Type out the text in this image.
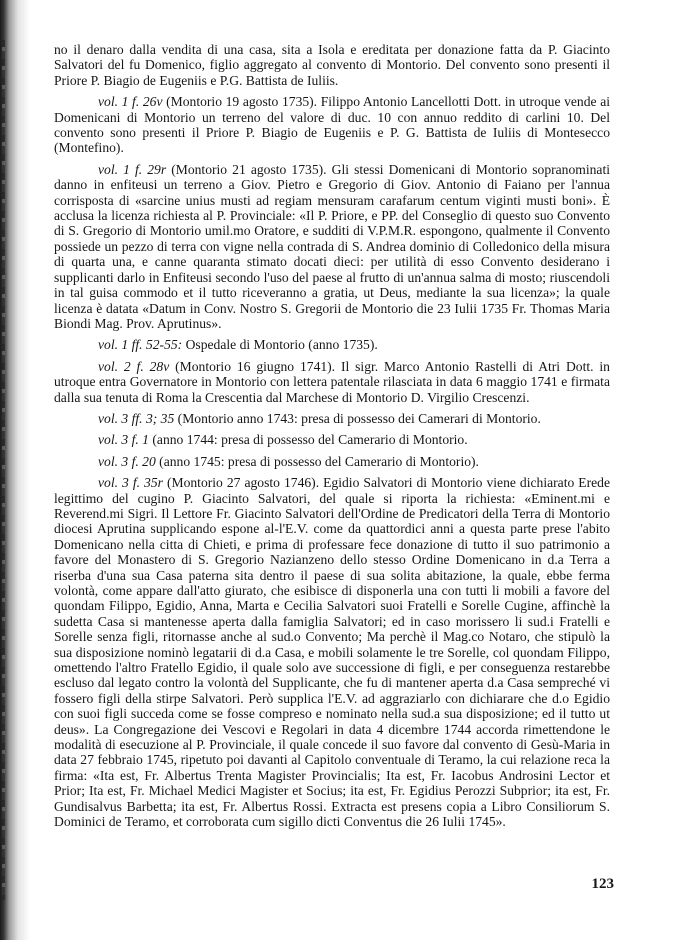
no il denaro dalla vendita di una casa, sita a Isola e ereditata per donazione fatta da P. Giacinto Salvatori del fu Domenico, figlio aggregato al convento di Montorio. Del convento sono presenti il Priore P. Biagio de Eugeniis e P.G. Battista de Iuliis.

vol. 1 f. 26v (Montorio 19 agosto 1735). Filippo Antonio Lancellotti Dott. in utroque vende ai Domenicani di Montorio un terreno del valore di duc. 10 con annuo reddito di carlini 10. Del convento sono presenti il Priore P. Biagio de Eugeniis e P. G. Battista de Iuliis di Montesecco (Montefino).

vol. 1 f. 29r (Montorio 21 agosto 1735). Gli stessi Domenicani di Montorio sopranominati danno in enfiteusi un terreno a Giov. Pietro e Gregorio di Giov. Antonio di Faiano per l'annua corrisposta di «sarcine unius musti ad regiam mensuram carafarum centum viginti musti boni». È acclusa la licenza richiesta al P. Provinciale: «Il P. Priore, e PP. del Conseglio di questo suo Convento di S. Gregorio di Montorio umil.mo Oratore, e sudditi di V.P.M.R. espongono, qualmente il Convento possiede un pezzo di terra con vigne nella contrada di S. Andrea dominio di Colledonico della misura di quarta una, e canne quaranta stimato docati dieci: per utilità di esso Convento desiderano i supplicanti darlo in Enfiteusi secondo l'uso del paese al frutto di un'annua salma di mosto; riuscendoli in tal guisa commodo et il tutto riceveranno a gratia, ut Deus, mediante la sua licenza»; la quale licenza è datata «Datum in Conv. Nostro S. Gregorii de Montorio die 23 Iulii 1735 Fr. Thomas Maria Biondi Mag. Prov. Aprutinus».

vol. 1 ff. 52-55: Ospedale di Montorio (anno 1735).

vol. 2 f. 28v (Montorio 16 giugno 1741). Il sigr. Marco Antonio Rastelli di Atri Dott. in utroque entra Governatore in Montorio con lettera patentale rilasciata in data 6 maggio 1741 e firmata dalla sua tenuta di Roma la Crescentia dal Marchese di Montorio D. Virgilio Crescenzi.

vol. 3 ff. 3; 35 (Montorio anno 1743: presa di possesso dei Camerari di Montorio.

vol. 3 f. 1 (anno 1744: presa di possesso del Camerario di Montorio.

vol. 3 f. 20 (anno 1745: presa di possesso del Camerario di Montorio).

vol. 3 f. 35r (Montorio 27 agosto 1746). Egidio Salvatori di Montorio viene dichiarato Erede legittimo del cugino P. Giacinto Salvatori, del quale si riporta la richiesta: «Eminent.mi e Reverend.mi Sigri. Il Lettore Fr. Giacinto Salvatori dell'Ordine de Predicatori della Terra di Montorio diocesi Aprutina supplicando espone al-l'E.V. come da quattordici anni a questa parte prese l'abito Domenicano nella citta di Chieti, e prima di professare fece donazione di tutto il suo patrimonio a favore del Monastero di S. Gregorio Nazianzeno dello stesso Ordine Domenicano in d.a Terra a riserba d'una sua Casa paterna sita dentro il paese di sua solita abitazione, la quale, ebbe ferma volontà, come appare dall'atto giurato, che esibisce di disponerla una con tutti li mobili a favore del quondam Filippo, Egidio, Anna, Marta e Cecilia Salvatori suoi Fratelli e Sorelle Cugine, affinchè la sudetta Casa si mantenesse aperta dalla famiglia Salvatori; ed in caso morissero li sud.i Fratelli e Sorelle senza figli, ritornasse anche al sud.o Convento; Ma perchè il Mag.co Notaro, che stipulò la sua disposizione nominò legatarii di d.a Casa, e mobili solamente le tre Sorelle, col quondam Filippo, omettendo l'altro Fratello Egidio, il quale solo ave successione di figli, e per conseguenza restarebbe escluso dal legato contro la volontà del Supplicante, che fu di mantener aperta d.a Casa sempreché vi fossero figli della stirpe Salvatori. Però supplica l'E.V. ad aggraziarlo con dichiarare che d.o Egidio con suoi figli succeda come se fosse compreso e nominato nella sud.a sua disposizione; ed il tutto ut deus». La Congregazione dei Vescovi e Regolari in data 4 dicembre 1744 accorda rimettendone le modalità di esecuzione al P. Provinciale, il quale concede il suo favore dal convento di Gesù-Maria in data 27 febbraio 1745, ripetuto poi davanti al Capitolo conventuale di Teramo, la cui relazione reca la firma: «Ita est, Fr. Albertus Trenta Magister Provincialis; Ita est, Fr. Iacobus Androsini Lector et Prior; Ita est, Fr. Michael Medici Magister et Socius; ita est, Fr. Egidius Perozzi Subprior; ita est, Fr. Gundisalvus Barbetta; ita est, Fr. Albertus Rossi. Extracta est presens copia a Libro Consiliorum S. Dominici de Teramo, et corroborata cum sigillo dicti Conventus die 26 Iulii 1745».

123
